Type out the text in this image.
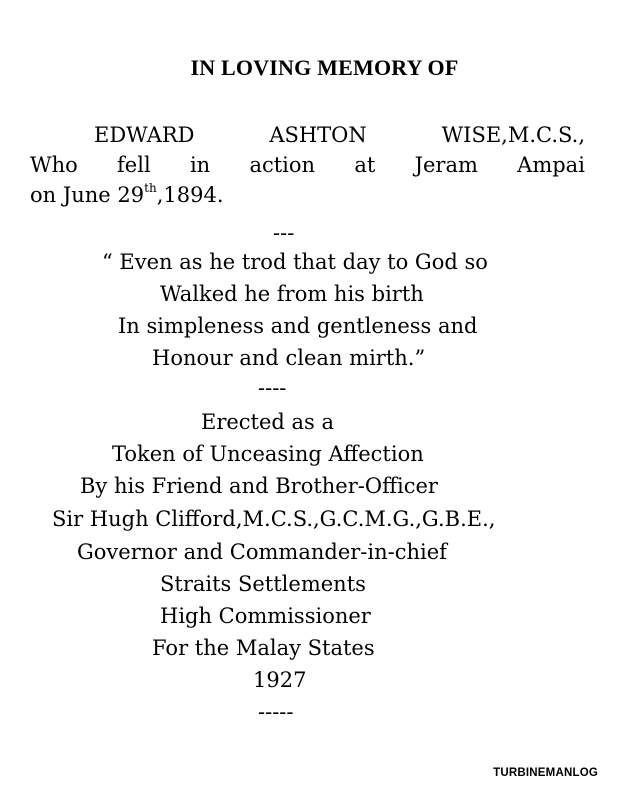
IN LOVING MEMORY OF
EDWARD	ASHTON	WISE,M.C.S.,
Who fell in action at Jeram Ampai
on June 29th,1894.
---
“ Even as he trod that day to God so
Walked he from his birth
In simpleness and gentleness and
Honour and clean mirth.”
----
Erected as a
Token of Unceasing Affection
By his Friend and Brother-Officer
Sir Hugh Clifford,M.C.S.,G.C.M.G.,G.B.E.,
Governor and Commander-in-chief
Straits Settlements
High Commissioner
For the Malay States
1927
-----
TURBINEMANLOG
